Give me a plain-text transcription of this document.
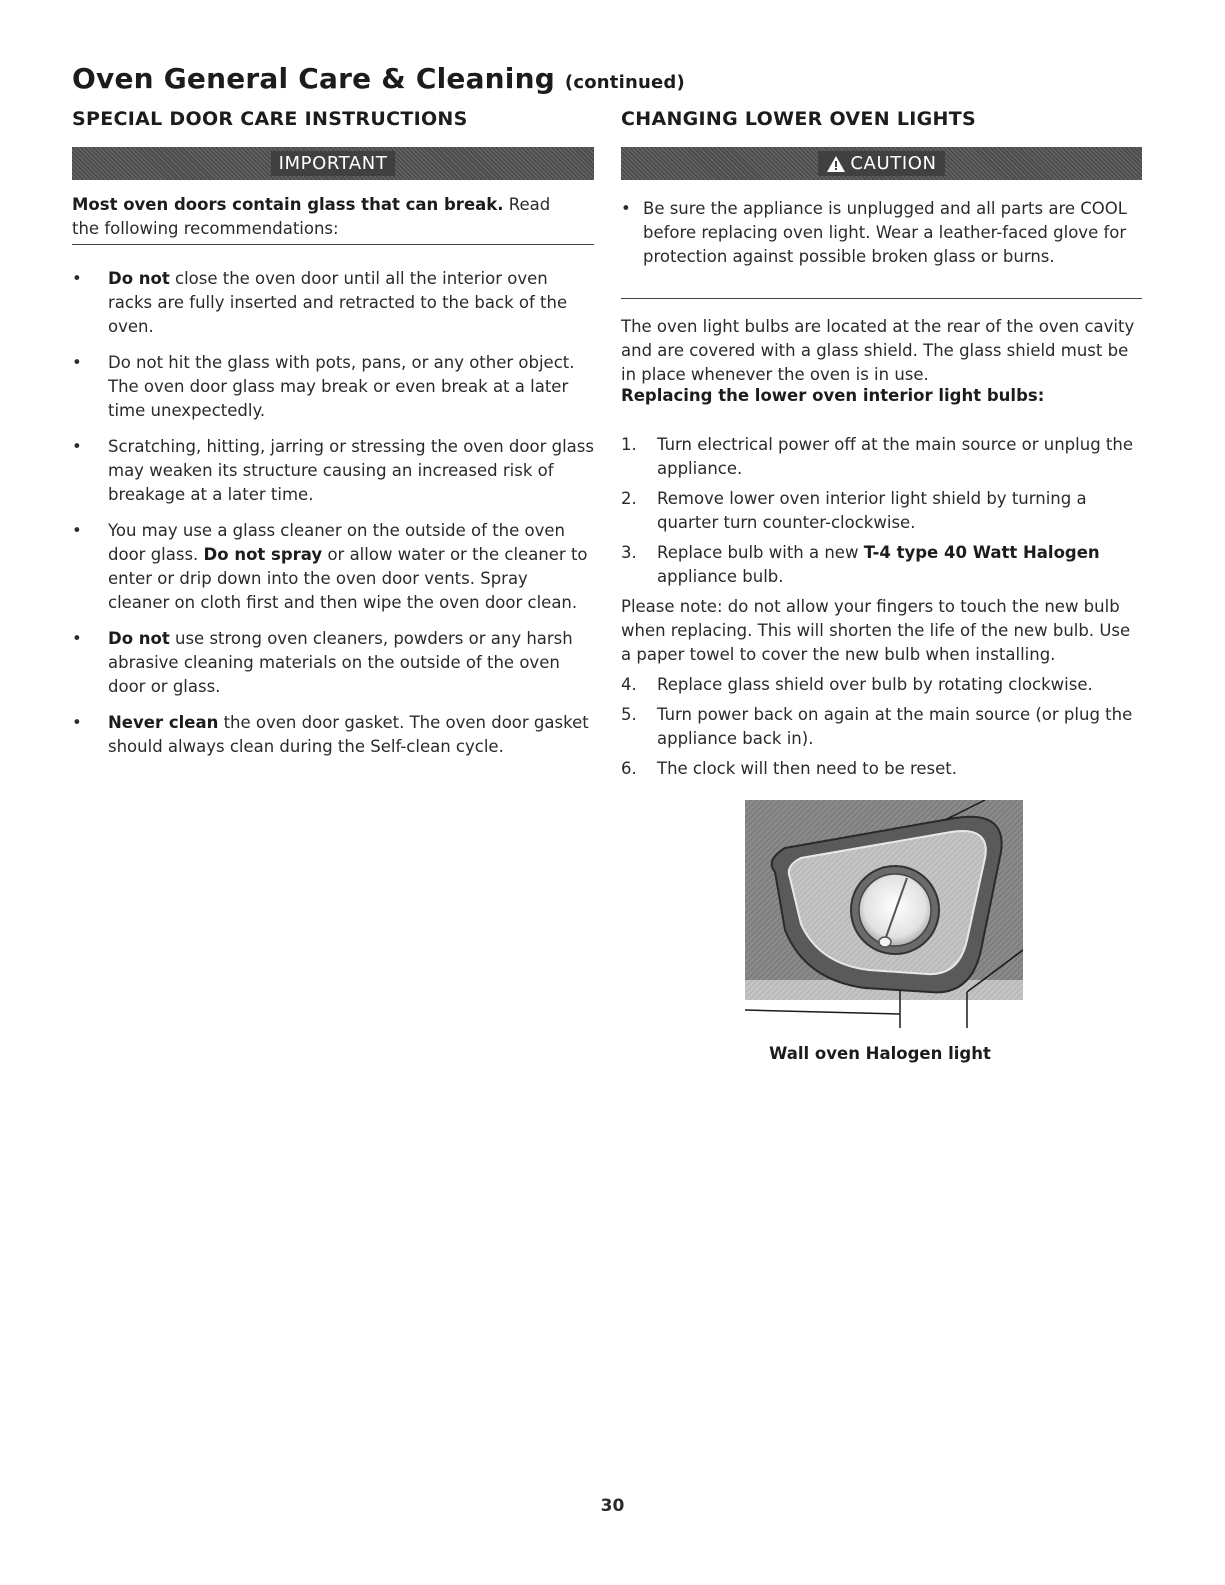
Oven General Care & Cleaning (continued)
SPECIAL DOOR CARE INSTRUCTIONS
IMPORTANT
Most oven doors contain glass that can break. Read the following recommendations:
• Do not close the oven door until all the interior oven racks are fully inserted and retracted to the back of the oven.
• Do not hit the glass with pots, pans, or any other object. The oven door glass may break or even break at a later time unexpectedly.
• Scratching, hitting, jarring or stressing the oven door glass may weaken its structure causing an increased risk of breakage at a later time.
• You may use a glass cleaner on the outside of the oven door glass. Do not spray or allow water or the cleaner to enter or drip down into the oven door vents. Spray cleaner on cloth first and then wipe the oven door clean.
• Do not use strong oven cleaners, powders or any harsh abrasive cleaning materials on the outside of the oven door or glass.
• Never clean the oven door gasket. The oven door gasket should always clean during the Self-clean cycle.
CHANGING LOWER OVEN LIGHTS
CAUTION
• Be sure the appliance is unplugged and all parts are COOL before replacing oven light. Wear a leather-faced glove for protection against possible broken glass or burns.
The oven light bulbs are located at the rear of the oven cavity and are covered with a glass shield. The glass shield must be in place whenever the oven is in use.
Replacing the lower oven interior light bulbs:
1. Turn electrical power off at the main source or unplug the appliance.
2. Remove lower oven interior light shield by turning a quarter turn counter-clockwise.
3. Replace bulb with a new T-4 type 40 Watt Halogen appliance bulb.
Please note: do not allow your fingers to touch the new bulb when replacing. This will shorten the life of the new bulb. Use a paper towel to cover the new bulb when installing.
4. Replace glass shield over bulb by rotating clockwise.
5. Turn power back on again at the main source (or plug the appliance back in).
6. The clock will then need to be reset.
Wall oven Halogen light
30
